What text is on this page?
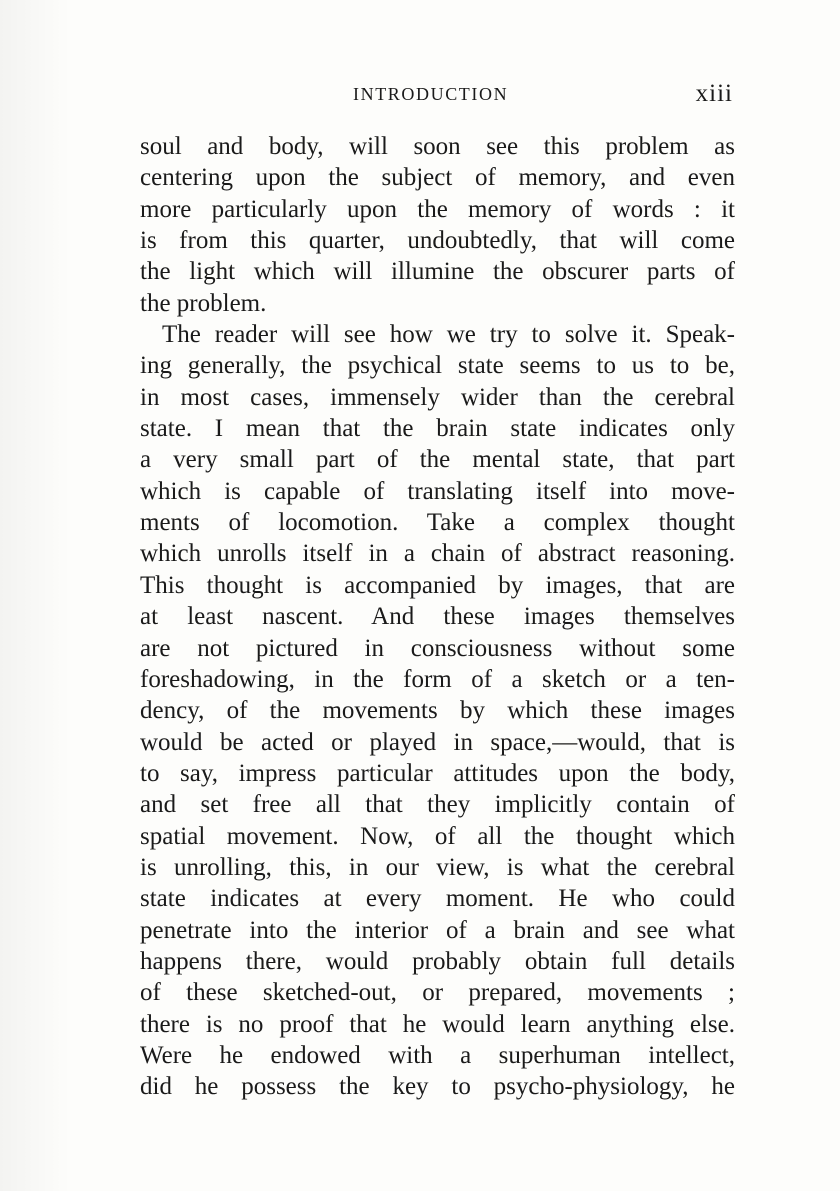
INTRODUCTION	xiii
soul and body, will soon see this problem as
centering upon the subject of memory, and even
more particularly upon the memory of words : it
is from this quarter, undoubtedly, that will come
the light which will illumine the obscurer parts of
the problem.
The reader will see how we try to solve it. Speak-
ing generally, the psychical state seems to us to be,
in most cases, immensely wider than the cerebral
state. I mean that the brain state indicates only
a very small part of the mental state, that part
which is capable of translating itself into move-
ments of locomotion. Take a complex thought
which unrolls itself in a chain of abstract reasoning.
This thought is accompanied by images, that are
at least nascent. And these images themselves
are not pictured in consciousness without some
foreshadowing, in the form of a sketch or a ten-
dency, of the movements by which these images
would be acted or played in space,—would, that is
to say, impress particular attitudes upon the body,
and set free all that they implicitly contain of
spatial movement. Now, of all the thought which
is unrolling, this, in our view, is what the cerebral
state indicates at every moment. He who could
penetrate into the interior of a brain and see what
happens there, would probably obtain full details
of these sketched-out, or prepared, movements ;
there is no proof that he would learn anything else.
Were he endowed with a superhuman intellect,
did he possess the key to psycho-physiology, he
